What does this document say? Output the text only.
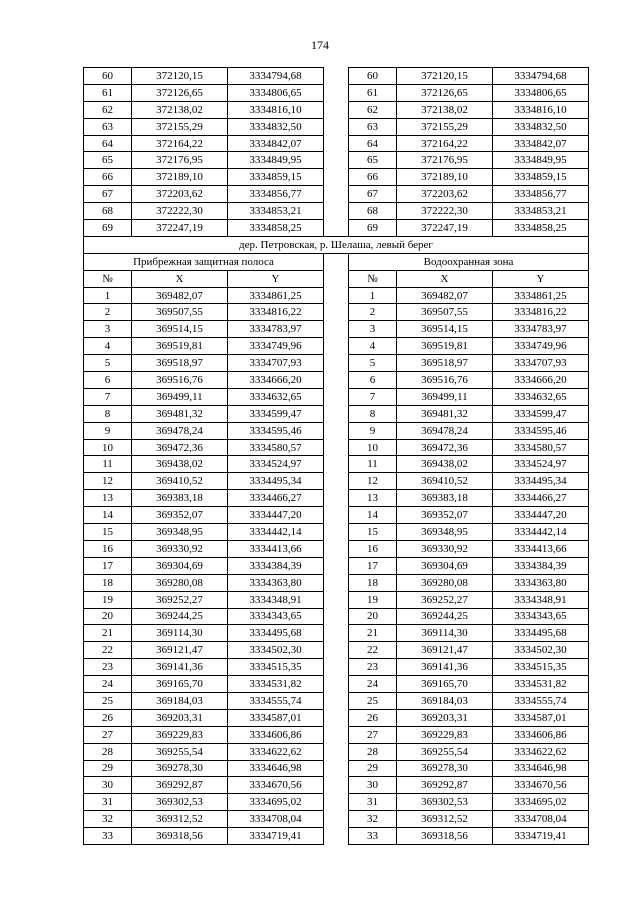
174
60	372120,15	3334794,68		60	372120,15	3334794,68
61	372126,65	3334806,65		61	372126,65	3334806,65
62	372138,02	3334816,10		62	372138,02	3334816,10
63	372155,29	3334832,50		63	372155,29	3334832,50
64	372164,22	3334842,07		64	372164,22	3334842,07
65	372176,95	3334849,95		65	372176,95	3334849,95
66	372189,10	3334859,15		66	372189,10	3334859,15
67	372203,62	3334856,77		67	372203,62	3334856,77
68	372222,30	3334853,21		68	372222,30	3334853,21
69	372247,19	3334858,25		69	372247,19	3334858,25
дер. Петровская, р. Шелаша, левый берег						
Прибрежная защитная полоса				Водоохранная зона		
№	X	Y		№	X	Y
1	369482,07	3334861,25		1	369482,07	3334861,25
2	369507,55	3334816,22		2	369507,55	3334816,22
3	369514,15	3334783,97		3	369514,15	3334783,97
4	369519,81	3334749,96		4	369519,81	3334749,96
5	369518,97	3334707,93		5	369518,97	3334707,93
6	369516,76	3334666,20		6	369516,76	3334666,20
7	369499,11	3334632,65		7	369499,11	3334632,65
8	369481,32	3334599,47		8	369481,32	3334599,47
9	369478,24	3334595,46		9	369478,24	3334595,46
10	369472,36	3334580,57		10	369472,36	3334580,57
11	369438,02	3334524,97		11	369438,02	3334524,97
12	369410,52	3334495,34		12	369410,52	3334495,34
13	369383,18	3334466,27		13	369383,18	3334466,27
14	369352,07	3334447,20		14	369352,07	3334447,20
15	369348,95	3334442,14		15	369348,95	3334442,14
16	369330,92	3334413,66		16	369330,92	3334413,66
17	369304,69	3334384,39		17	369304,69	3334384,39
18	369280,08	3334363,80		18	369280,08	3334363,80
19	369252,27	3334348,91		19	369252,27	3334348,91
20	369244,25	3334343,65		20	369244,25	3334343,65
21	369114,30	3334495,68		21	369114,30	3334495,68
22	369121,47	3334502,30		22	369121,47	3334502,30
23	369141,36	3334515,35		23	369141,36	3334515,35
24	369165,70	3334531,82		24	369165,70	3334531,82
25	369184,03	3334555,74		25	369184,03	3334555,74
26	369203,31	3334587,01		26	369203,31	3334587,01
27	369229,83	3334606,86		27	369229,83	3334606,86
28	369255,54	3334622,62		28	369255,54	3334622,62
29	369278,30	3334646,98		29	369278,30	3334646,98
30	369292,87	3334670,56		30	369292,87	3334670,56
31	369302,53	3334695,02		31	369302,53	3334695,02
32	369312,52	3334708,04		32	369312,52	3334708,04
33	369318,56	3334719,41		33	369318,56	3334719,41
